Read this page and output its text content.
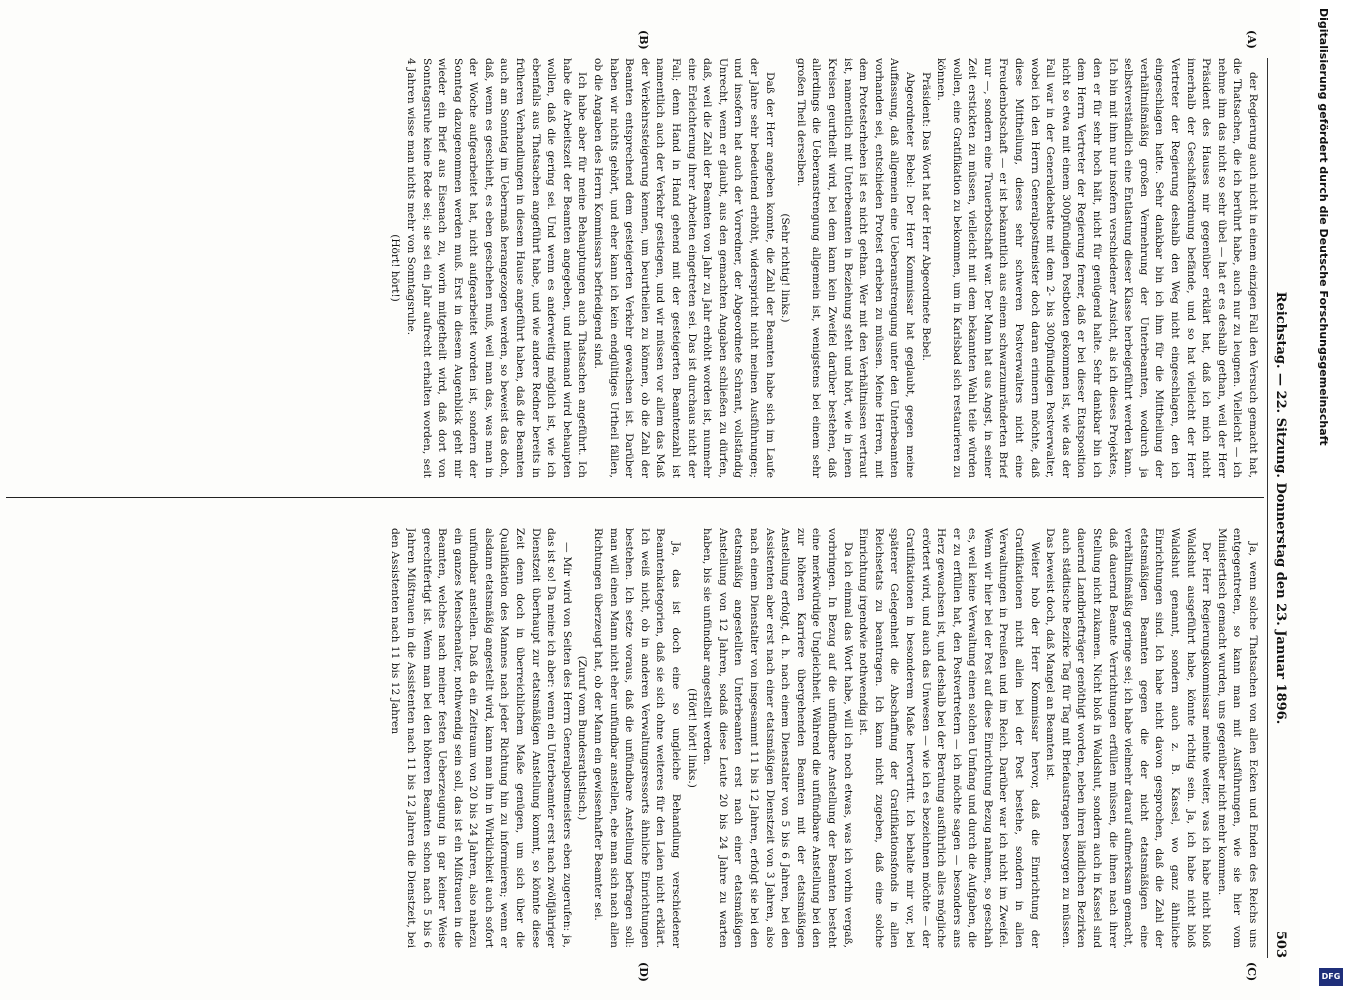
Reichstag. — 22. Sitzung. Donnerstag den 23. Januar 1896.
503
(A)
(B)
(C)
(D)

der Regierung auch nicht in einem einzigen Fall den Versuch gemacht hat, die Thatsachen, die ich berührt habe, auch nur zu leugnen. Vielleicht — ich nehme ihm das nicht so sehr übel — hat er es deshalb gethan, weil der Herr Präsident des Hauses mir gegenüber erklärt hat, daß ich mich nicht innerhalb der Geschäftsordnung befände, und so hat vielleicht der Herr Vertreter der Regierung deshalb den Weg nicht eingeschlagen, den ich eingeschlagen hatte. Sehr dankbar bin ich ihm für die Mittheilung der verhältnißmäßig großen Vermehrung der Unterbeamten, wodurch ja selbstverständlich eine Entlastung dieser Klasse herbeigeführt werden kann. Ich bin mit ihm nur insofern verschiedener Ansicht, als ich dieses Projektes, den er für sehr hoch hält, nicht für genügend halte. Sehr dankbar bin ich dem Herrn Vertreter der Regierung ferner, daß er bei dieser Etatsposition nicht so etwa mit einem 300pfündigen Postboten gekommen ist, wie das der Fall war in der Generaldebatte mit dem 2- bis 300pfündigen Postverwalter, wobei ich den Herrn Generalpostmeister doch daran erinnern möchte, daß diese Mittheilung, dieses sehr schweren Postverwalters nicht eine Freudenbotschaft — er ist bekanntlich aus einem schwarzumränderten Brief nur —, sondern eine Trauerbotschaft war. Der Mann hat aus Angst, in seiner Zeit erstickten zu müssen, vielleicht mit dem bekannten Wahl teile würden wollen, eine Gratifikation zu bekommen, um in Karlsbad sich restaurieren zu können.

Präsident: Das Wort hat der Herr Abgeordnete Bebel.

Abgeordneter Bebel: Der Herr Kommissar hat geglaubt, gegen meine Auffassung, daß allgemein eine Ueberanstrengung unter den Unterbeamten vorhanden sei, entschieden Protest erheben zu müssen. Meine Herren, mit dem Protesterheben ist es nicht gethan. Wer mit den Verhältnissen vertraut ist, namentlich mit Unterbeamten in Beziehung steht und hört, wie in jenen Kreisen geurtheilt wird, bei dem kann kein Zweifel darüber bestehen, daß allerdings die Ueberanstrengung allgemein ist, wenigstens bei einem sehr großen Theil derselben.

(Sehr richtig! links.)

Daß der Herr angeben konnte, die Zahl der Beamten habe sich im Laufe der Jahre sehr bedeutend erhöht, widerspricht nicht meinen Ausführungen; und insofern hat auch der Vorredner, der Abgeordnete Schrant, vollständig Unrecht, wenn er glaubt, aus den gemachten Angaben schließen zu dürfen, daß, weil die Zahl der Beamten von Jahr zu Jahr erhöht worden ist, nunmehr eine Erleichterung ihrer Arbeiten eingetreten sei. Das ist durchaus nicht der Fall; denn Hand in Hand gehend mit der gesteigerten Beamtenzahl ist namentlich auch der Verkehr gestiegen, und wir müssen vor allem das Maß der Verkehrssteigerung kennen, um beurtheilen zu können, ob die Zahl der Beamten entsprechend dem gesteigerten Verkehr gewachsen ist. Darüber haben wir nichts gehört, und eher kann ich kein endgültiges Urtheil fällen, ob die Angaben des Herrn Kommissars befriedigend sind.

Ich habe aber für meine Behauptungen auch Thatsachen angeführt. Ich habe die Arbeitszeit der Beamten angegeben, und niemand wird behaupten wollen, daß die gering sei. Und wenn es anderweitig möglich ist, wie ich ebenfalls aus Thatsachen angeführt habe, und wie andere Redner bereits in früheren Verhandlungen in diesem Hause angeführt haben, daß die Beamten auch am Sonntag im Uebermaß herangezogen werden, so beweist das doch, daß, wenn es geschieht, es eben geschehen muß, weil man das, was man in der Woche aufgearbeitet hat, nicht aufgearbeitet worden ist, sondern der Sonntag dazugenommen werden muß. Erst in diesem Augenblick geht mir wieder ein Brief aus Eisenach zu, worin mitgetheilt wird, daß dort von Sonntagsruhe keine Rede sei; sie sei ein Jahr aufrecht erhalten worden, seit 4 Jahren wisse man nichts mehr von Sonntagsruhe.

(Hört! hört!)

Ja, wenn solche Thatsachen von allen Ecken und Enden des Reichs uns entgegentreten, so kann man mit Ausführungen, wie sie hier vom Ministertisch gemacht wurden, uns gegenüber nicht mehr kommen.

Der Herr Regierungskommissar meinte weiter, was ich habe nicht bloß Waldshut ausgeführt habe, könnte richtig sein. Ja, ich habe nicht bloß Waldshut genannt, sondern auch z. B. Kassel, wo ganz ähnliche Einrichtungen sind. Ich habe nicht davon gesprochen, daß die Zahl der etatsmäßigen Beamten gegen die der nicht etatsmäßigen eine verhältnißmäßig geringe sei; ich habe vielmehr darauf aufmerksam gemacht, daß dauernd Beamte Verrichtungen erfüllen müssen, die ihnen nach ihrer Stellung nicht zukamen. Nicht bloß in Waldshut, sondern auch in Kassel sind dauernd Landbriefträger genöthigt worden, neben ihren ländlichen Bezirken auch städtische Bezirke Tag für Tag mit Briefaustragen besorgen zu müssen. Das beweist doch, daß Mangel an Beamten ist.

Weiter hob der Herr Kommissar hervor, daß die Einrichtung der Gratifikationen nicht allein bei der Post bestehe, sondern in allen Verwaltungen in Preußen und im Reich. Darüber war ich nicht im Zweifel. Wenn wir hier bei der Post auf diese Einrichtung Bezug nahmen, so geschah es, weil keine Verwaltung einen solchen Umfang und durch die Aufgaben, die er zu erfüllen hat, den Postvertretern — ich möchte sagen — besonders ans Herz gewachsen ist, und deshalb bei der Beratung ausführlich alles mögliche erörtert wird, und auch das Unwesen — wie ich es bezeichnen möchte — der Gratifikationen in besonderem Maße hervortritt. Ich behalte mir vor, bei späterer Gelegenheit die Abschaffung der Gratifikationsfonds in allen Reichsetats zu beantragen. Ich kann nicht zugeben, daß eine solche Einrichtung irgendwie nothwendig ist.

Da ich einmal das Wort habe, will ich noch etwas, was ich vorhin vergaß, vorbringen. In Bezug auf die unfündbare Anstellung der Beamten besteht eine merkwürdige Ungleichheit. Während die unfündbare Anstellung bei den zur höheren Karriere übergehenden Beamten mit der etatsmäßigen Anstellung erfolgt, d. h. nach einem Dienstalter von 5 bis 6 Jahren, bei den Assistenten aber erst nach einer etatsmäßigen Dienstzeit von 3 Jahren, also nach einem Dienstalter von insgesammt 11 bis 12 Jahren, erfolgt sie bei den etatsmäßig angestellten Unterbeamten erst nach einer etatsmäßigen Anstellung von 12 Jahren, sodaß diese Leute 20 bis 24 Jahre zu warten haben, bis sie unfündbar angestellt werden.

(Hört! hört! links.)

Ja, das ist doch eine so ungleiche Behandlung verschiedener Beamtenkategorien, daß sie sich ohne weiteres für den Laien nicht erklärt. Ich weiß nicht, ob in anderen Verwaltungsressorts ähnliche Einrichtungen bestehen. Ich setze voraus, daß die unfündbare Anstellung befragen soll: man will einen Mann nicht eher unfündbar anstellen, ehe man sich nach allen Richtungen überzeugt hat, ob der Mann ein gewissenhafter Beamter sei.

(Zuruf vom Bundesrathstisch.)

— Mir wird von Seiten des Herrn Generalpostmeisters eben zugerufen: ja, das ist so! Da meine ich aber: wenn ein Unterbeamter erst nach zwölfjähriger Dienstzeit überhaupt zur etatsmäßigen Anstellung kommt, so könnte diese Zeit denn doch in überreichlichem Maße genügen, um sich über die Qualifikation des Mannes nach jeder Richtung hin zu informieren; wenn er alsdann etatsmäßig angestellt wird, kann man ihn in Wirklichkeit auch sofort unfündbar anstellen. Daß da ein Zeitraum von 20 bis 24 Jahren, also nahezu ein ganzes Menschenalter, nothwendig sein soll, das ist ein Mißtrauen in die Beamten, welches nach meiner festen Ueberzeugung in gar keiner Weise gerechtfertigt ist. Wenn man bei den höheren Beamten schon nach 5 bis 6 Jahren Mißtrauen in die Assistenten nach 11 bis 12 Jahren die Dienstzeit, bei den Assistenten nach 11 bis 12 Jahren

Digitalisierung gefördert durch die Deutsche Forschungsgemeinschaft
DFG
